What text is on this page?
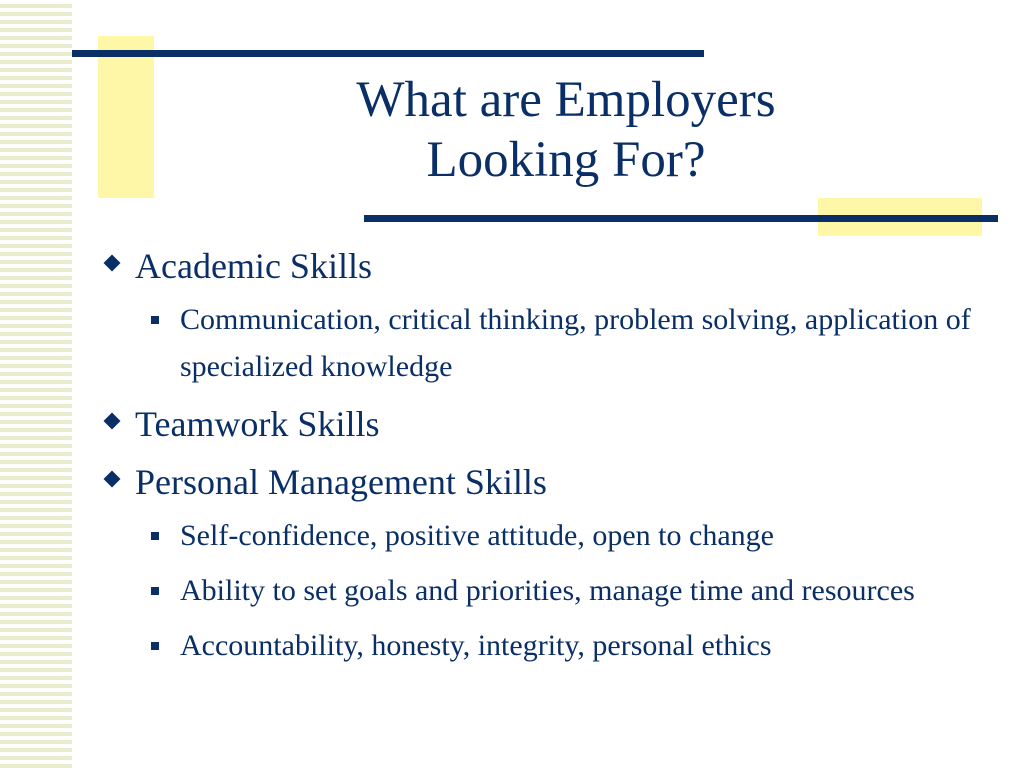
What are Employers
Looking For?
Academic Skills
Communication, critical thinking, problem solving, application of specialized knowledge
Teamwork Skills
Personal Management Skills
Self-confidence, positive attitude, open to change
Ability to set goals and priorities, manage time and resources
Accountability, honesty, integrity, personal ethics
